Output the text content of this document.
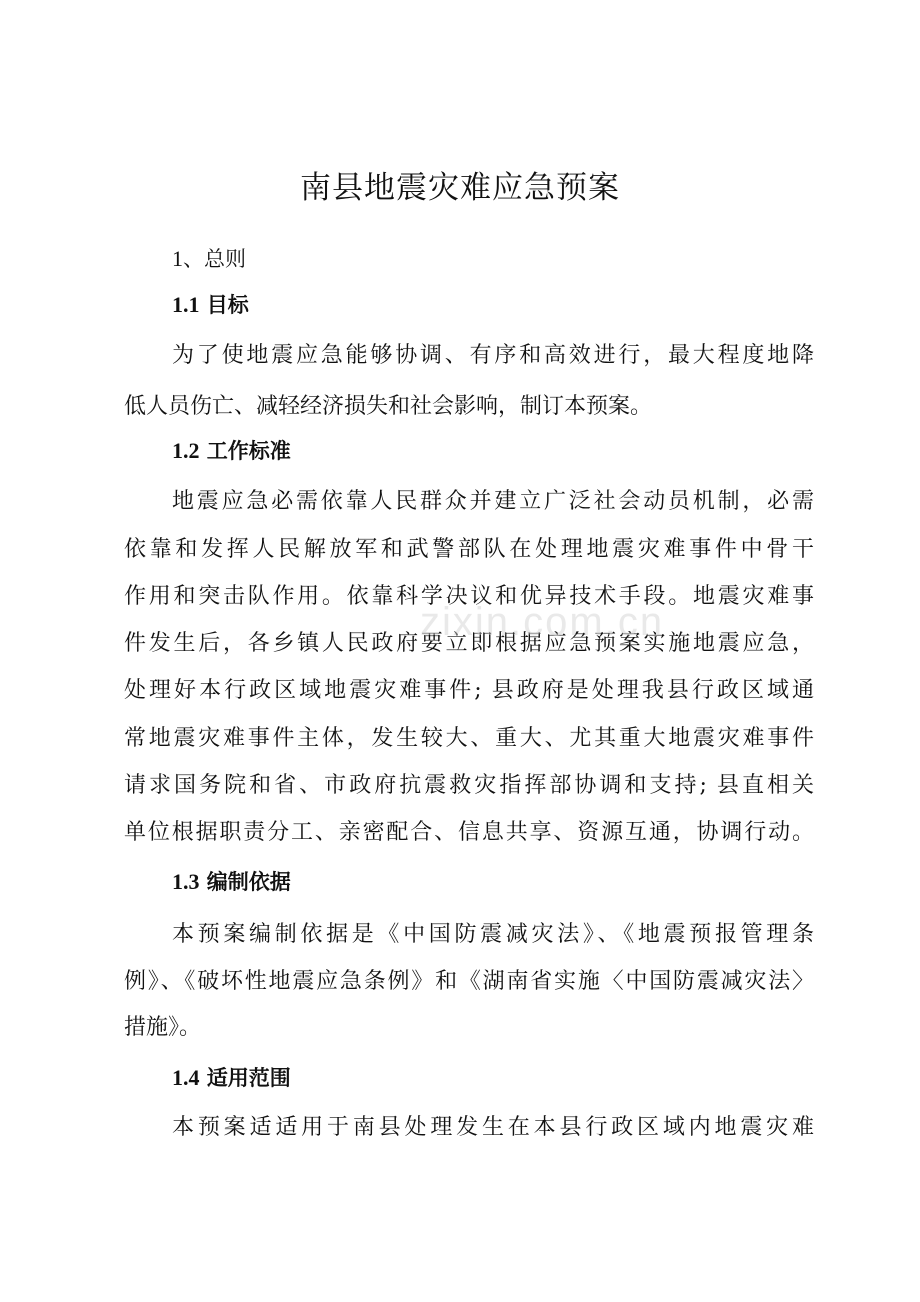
南县地震灾难应急预案
1、总则
1.1 目标
为了使地震应急能够协调、有序和高效进行，最大程度地降
低人员伤亡、减轻经济损失和社会影响，制订本预案。
1.2 工作标准
地震应急必需依靠人民群众并建立广泛社会动员机制，必需
依靠和发挥人民解放军和武警部队在处理地震灾难事件中骨干
作用和突击队作用。依靠科学决议和优异技术手段。地震灾难事
件发生后，各乡镇人民政府要立即根据应急预案实施地震应急，
处理好本行政区域地震灾难事件; 县政府是处理我县行政区域通
常地震灾难事件主体，发生较大、重大、尤其重大地震灾难事件
请求国务院和省、市政府抗震救灾指挥部协调和支持; 县直相关
单位根据职责分工、亲密配合、信息共享、资源互通，协调行动。
1.3 编制依据
本预案编制依据是《中国防震减灾法》、《地震预报管理条
例》、《破坏性地震应急条例》和《湖南省实施〈中国防震减灾法〉
措施》。
1.4 适用范围
本预案适适用于南县处理发生在本县行政区域内地震灾难
zixin.com.cn
